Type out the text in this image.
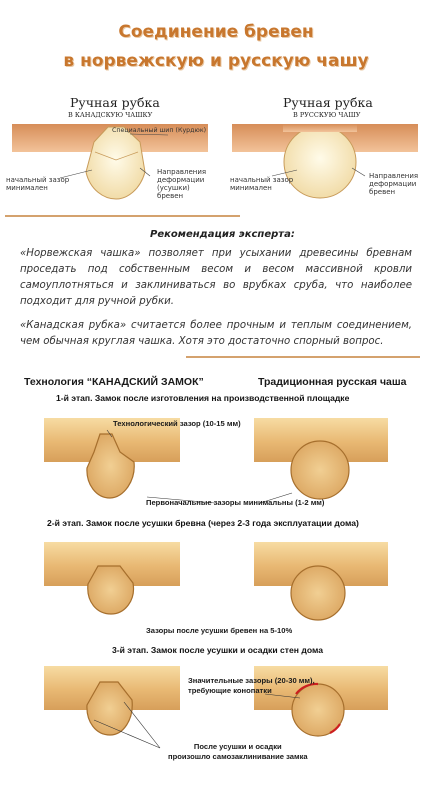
Соединение бревен
в норвежскую и русскую чашу
Ручная рубка
В КАНАДСКУЮ ЧАШКУ
Специальный шип (Курдюк)
начальный зазор
минимален
Направления
деформации
(усушки)
бревен
Ручная рубка
В РУССКУЮ ЧАШУ
начальный зазор
минимален
Направления
деформации
бревен
Рекомендация эксперта:
«Норвежская чашка» позволяет при усыхании древесины бревнам проседать под собственным весом и весом массивной кровли самоуплотняться и заклиниваться во врубках сруба, что наиболее подходит для ручной рубки.
«Канадская рубка» считается более прочным и теплым соединением, чем обычная круглая чашка. Хотя это достаточно спорный вопрос.
Технология “КАНАДСКИЙ ЗАМОК”	Традиционная русская чаша
1-й этап. Замок после изготовления на производственной площадке
Технологический зазор (10-15 мм)
Первоначальные зазоры минимальны (1-2 мм)
2-й этап. Замок после усушки бревна (через 2-3 года эксплуатации дома)
Зазоры после усушки бревен на 5-10%
3-й этап. Замок после усушки и осадки стен дома
Значительные зазоры (20-30 мм),
требующие конопатки
После усушки и осадки
произошло самозаклинивание замка
